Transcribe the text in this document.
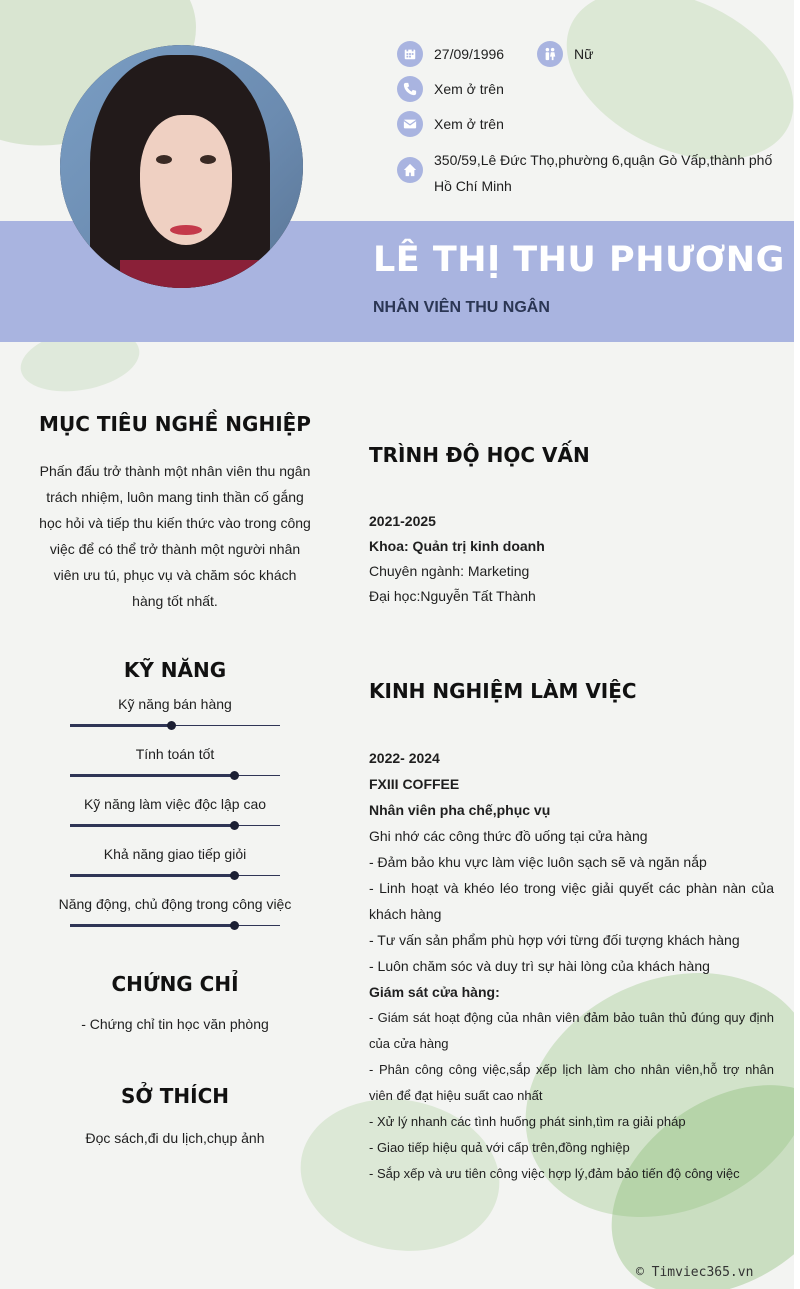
27/09/1996	Nữ
Xem ở trên
Xem ở trên
350/59,Lê Đức Thọ,phường 6,quận Gò Vấp,thành phố Hồ Chí Minh
LÊ THỊ THU PHƯƠNG
NHÂN VIÊN THU NGÂN
MỤC TIÊU NGHỀ NGHIỆP
Phấn đấu trở thành một nhân viên thu ngân trách nhiệm, luôn mang tinh thần cố gắng học hỏi và tiếp thu kiến thức vào trong công việc để có thể trở thành một người nhân viên ưu tú, phục vụ và chăm sóc khách hàng tốt nhất.
KỸ NĂNG
Kỹ năng bán hàng
Tính toán tốt
Kỹ năng làm việc độc lập cao
Khả năng giao tiếp giỏi
Năng động, chủ động trong công việc
CHỨNG CHỈ
- Chứng chỉ tin học văn phòng
SỞ THÍCH
Đọc sách,đi du lịch,chụp ảnh
TRÌNH ĐỘ HỌC VẤN
2021-2025
Khoa: Quản trị kinh doanh
Chuyên ngành: Marketing
Đại học:Nguyễn Tất Thành
KINH NGHIỆM LÀM VIỆC
2022- 2024
FXIII COFFEE
Nhân viên pha chế,phục vụ
Ghi nhớ các công thức đồ uống tại cửa hàng
- Đảm bảo khu vực làm việc luôn sạch sẽ và ngăn nắp
- Linh hoạt và khéo léo trong việc giải quyết các phàn nàn của khách hàng
- Tư vấn sản phẩm phù hợp với từng đối tượng khách hàng
- Luôn chăm sóc và duy trì sự hài lòng của khách hàng
Giám sát cửa hàng:
- Giám sát hoạt động của nhân viên đảm bảo tuân thủ đúng quy định của cửa hàng
- Phân công công việc,sắp xếp lịch làm cho nhân viên,hỗ trợ nhân viên để đạt hiệu suất cao nhất
- Xử lý nhanh các tình huống phát sinh,tìm ra giải pháp
- Giao tiếp hiệu quả với cấp trên,đồng nghiệp
- Sắp xếp và ưu tiên công việc hợp lý,đảm bảo tiến độ công việc
© Timviec365.vn
